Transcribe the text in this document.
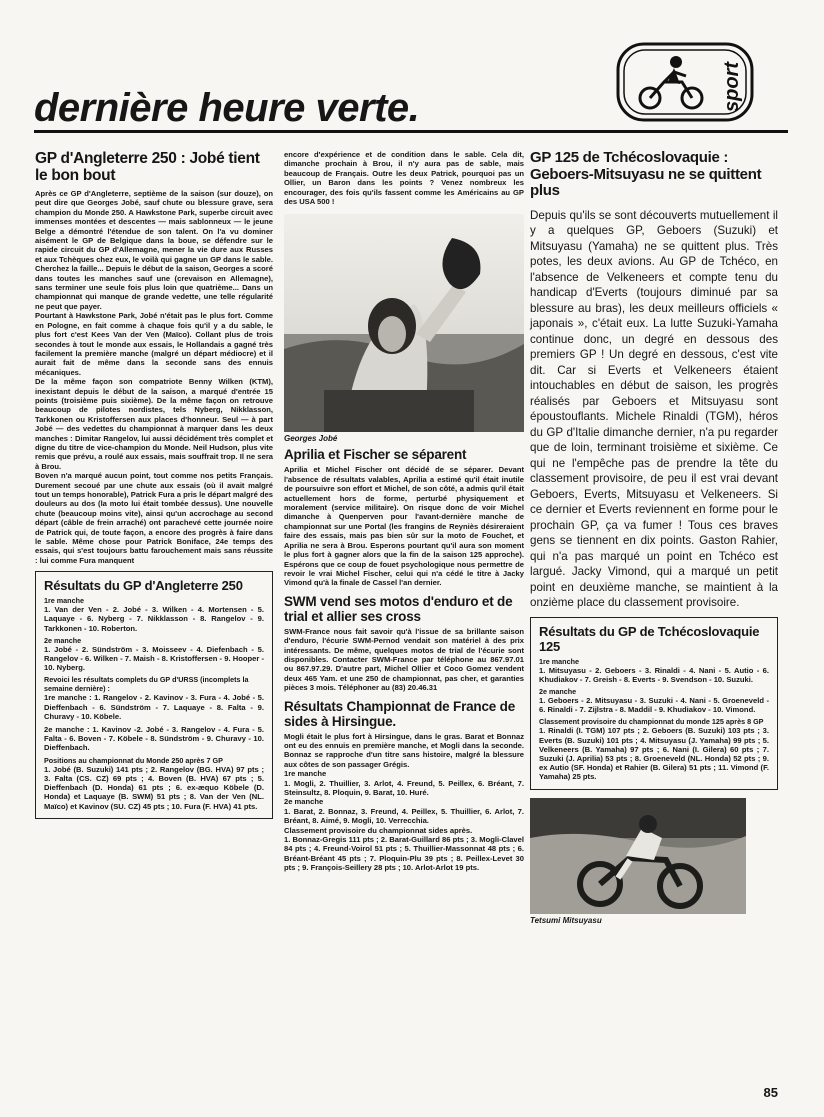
dernière heure verte.	sport
GP d'Angleterre 250 : Jobé tient le bon bout

Après ce GP d'Angleterre, septième de la saison (sur douze), on peut dire que Georges Jobé, sauf chute ou blessure grave, sera champion du Monde 250. A Hawkstone Park, superbe circuit avec immenses montées et descentes — mais sablonneux — le jeune Belge a démontré l'étendue de son talent. On l'a vu dominer aisément le GP de Belgique dans la boue, se défendre sur le rapide circuit du GP d'Allemagne, mener la vie dure aux Russes et aux Tchèques chez eux, le voilà qui gagne un GP dans le sable. Cherchez la faille... Depuis le début de la saison, Georges a scoré dans toutes les manches sauf une (crevaison en Allemagne), sans terminer une seule fois plus loin que quatrième... Dans un championnat qui manque de grande vedette, une telle régularité ne peut que payer.

Pourtant à Hawkstone Park, Jobé n'était pas le plus fort. Comme en Pologne, en fait comme à chaque fois qu'il y a du sable, le plus fort c'est Kees Van der Ven (Maïco). Collant plus de trois secondes à tout le monde aux essais, le Hollandais a gagné très facilement la première manche (malgré un départ médiocre) et il aurait fait de même dans la seconde sans des ennuis mécaniques.

De la même façon son compatriote Benny Wilken (KTM), inexistant depuis le début de la saison, a marqué d'entrée 15 points (troisième puis sixième). De la même façon on retrouve beaucoup de pilotes nordistes, tels Nyberg, Nikklasson, Tarkkonen ou Kristoffersen aux places d'honneur. Seul — à part Jobé — des vedettes du championnat à marquer dans les deux manches : Dimitar Rangelov, lui aussi décidément très complet et digne du titre de vice-champion du Monde. Neil Hudson, plus vite remis que prévu, a roulé aux essais, mais souffrait trop. Il ne sera à Brou.

Boven n'a marqué aucun point, tout comme nos petits Français. Durement secoué par une chute aux essais (où il avait malgré tout un temps honorable), Patrick Fura a pris le départ malgré des douleurs au dos (la moto lui était tombée dessus). Une nouvelle chute (beaucoup moins vite), ainsi qu'un accrochage au second départ (câble de frein arraché) ont parachevé cette journée noire de Patrick qui, de toute façon, a encore des progrès à faire dans le sable. Même chose pour Patrick Boniface, 24e temps des essais, qui s'est toujours battu farouchement mais sans réussite : lui comme Fura manquent

Résultats du GP d'Angleterre 250
1re manche
1. Van der Ven - 2. Jobé - 3. Wilken - 4. Mortensen - 5. Laquaye - 6. Nyberg - 7. Nikklasson - 8. Rangelov - 9. Tarkkonen - 10. Roberton.
2e manche
1. Jobé - 2. Sündström - 3. Moisseev - 4. Diefenbach - 5. Rangelov - 6. Wilken - 7. Maish - 8. Kristoffersen - 9. Hooper - 10. Nyberg.
Revoici les résultats complets du GP d'URSS (incomplets la semaine dernière) :
1re manche : 1. Rangelov - 2. Kavinov - 3. Fura - 4. Jobé - 5. Dieffenbach - 6. Sündström - 7. Laquaye - 8. Falta - 9. Churavy - 10. Köbele.
2e manche : 1. Kavinov -2. Jobé - 3. Rangelov - 4. Fura - 5. Falta - 6. Boven - 7. Köbele - 8. Sündström - 9. Churavy - 10. Dieffenbach.
Positions au championnat du Monde 250 après 7 GP
1. Jobé (B. Suzuki) 141 pts ; 2. Rangelov (BG. HVA) 97 pts ; 3. Falta (CS. CZ) 69 pts ; 4. Boven (B. HVA) 67 pts ; 5. Dieffenbach (D. Honda) 61 pts ; 6. ex-æquo Köbele (D. Honda) et Laquaye (B. SWM) 51 pts ; 8. Van der Ven (NL. Maïco) et Kavinov (SU. CZ) 45 pts ; 10. Fura (F. HVA) 41 pts.

encore d'expérience et de condition dans le sable. Cela dit, dimanche prochain à Brou, il n'y aura pas de sable, mais beaucoup de Français. Outre les deux Patrick, pourquoi pas un Ollier, un Baron dans les points ? Venez nombreux les encourager, des fois qu'ils fassent comme les Américains au GP des USA 500 !

Georges Jobé
Aprilia et Fischer se séparent

Aprilia et Michel Fischer ont décidé de se séparer. Devant l'absence de résultats valables, Aprilia a estimé qu'il était inutile de poursuivre son effort et Michel, de son côté, a admis qu'il était actuellement hors de forme, perturbé physiquement et moralement (service militaire). On risque donc de voir Michel dimanche à Quenperven pour l'avant-dernière manche de championnat sur une Portal (les frangins de Reyniès désireraient faire des essais, mais pas bien sûr sur la moto de Fouchet, et Aprilia ne sera à Brou. Esperons pourtant qu'il aura son moment le plus fort à gagner alors que la fin de la saison 125 approche). Espérons que ce coup de fouet psychologique nous permettre de revoir le vrai Michel Fischer, celui qui n'a cédé le titre à Jacky Vimond qu'à la finale de Cassel l'an dernier.

SWM vend ses motos d'enduro et de trial et allier ses cross

SWM-France nous fait savoir qu'à l'issue de sa brillante saison d'enduro, l'écurie SWM-Pernod vendait son matériel à des prix intéressants. De même, quelques motos de trial de l'écurie sont disponibles. Contacter SWM-France par téléphone au 867.97.01 ou 867.97.29. D'autre part, Michel Ollier et Coco Gomez vendent deux 465 Yam. et une 250 de championnat, pas cher, et garanties pièces 3 mois. Téléphoner au (83) 20.46.31

Résultats Championnat de France de sides à Hirsingue.

Mogli était le plus fort à Hirsingue, dans le gras. Barat et Bonnaz ont eu des ennuis en première manche, et Mogli dans la seconde. Bonnaz se rapproche d'un titre sans histoire, malgré la blessure aux côtes de son passager Grégis.

1re manche

1. Mogli, 2. Thuillier, 3. Arlot, 4. Freund, 5. Peillex, 6. Bréant, 7. Steinsultz, 8. Ploquin, 9. Barat, 10. Huré.

2e manche

1. Barat, 2. Bonnaz, 3. Freund, 4. Peillex, 5. Thuillier, 6. Arlot, 7. Bréant, 8. Aimé, 9. Mogli, 10. Verrecchia.

Classement provisoire du championnat sides après.

1. Bonnaz-Gregis 111 pts ; 2. Barat-Guillard 86 pts ; 3. Mogli-Clavel 84 pts ; 4. Freund-Voirol 51 pts ; 5. Thuillier-Massonnat 48 pts ; 6. Bréant-Bréant 45 pts ; 7. Ploquin-Plu 39 pts ; 8. Peillex-Levet 30 pts ; 9. François-Seillery 28 pts ; 10. Arlot-Arlot 19 pts.

GP 125 de Tchécoslovaquie : Geboers-Mitsuyasu ne se quittent plus

Depuis qu'ils se sont découverts mutuellement il y a quelques GP, Geboers (Suzuki) et Mitsuyasu (Yamaha) ne se quittent plus. Très potes, les deux avions. Au GP de Tchéco, en l'absence de Velkeneers et compte tenu du handicap d'Everts (toujours diminué par sa blessure au bras), les deux meilleurs officiels « japonais », c'était eux. La lutte Suzuki-Yamaha continue donc, un degré en dessous des premiers GP ! Un degré en dessous, c'est vite dit. Car si Everts et Velkeneers étaient intouchables en début de saison, les progrès réalisés par Geboers et Mitsuyasu sont époustouflants. Michele Rinaldi (TGM), héros du GP d'Italie dimanche dernier, n'a pu regarder que de loin, terminant troisième et sixième. Ce qui ne l'empêche pas de prendre la tête du classement provisoire, de peu il est vrai devant Geboers, Everts, Mitsuyasu et Velkeneers. Si ce dernier et Everts reviennent en forme pour le prochain GP, ça va fumer ! Tous ces braves gens se tiennent en dix points. Gaston Rahier, qui n'a pas marqué un point en Tchéco est largué. Jacky Vimond, qui a marqué un petit point en deuxième manche, se maintient à la onzième place du classement provisoire.

Résultats du GP de Tchécoslovaquie 125
1re manche
1. Mitsuyasu - 2. Geboers - 3. Rinaldi - 4. Nani - 5. Autio - 6. Khudiakov - 7. Greish - 8. Everts - 9. Svendson - 10. Suzuki.
2e manche
1. Geboers - 2. Mitsuyasu - 3. Suzuki - 4. Nani - 5. Groeneveld - 6. Rinaldi - 7. Zijlstra - 8. Maddil - 9. Khudiakov - 10. Vimond.
Classement provisoire du championnat du monde 125 après 8 GP
1. Rinaldi (I. TGM) 107 pts ; 2. Geboers (B. Suzuki) 103 pts ; 3. Everts (B. Suzuki) 101 pts ; 4. Mitsuyasu (J. Yamaha) 99 pts ; 5. Velkeneers (B. Yamaha) 97 pts ; 6. Nani (I. Gilera) 60 pts ; 7. Suzuki (J. Aprilia) 53 pts ; 8. Groeneveld (NL. Honda) 52 pts ; 9. ex Autio (SF. Honda) et Rahier (B. Gilera) 51 pts ; 11. Vimond (F. Yamaha) 25 pts.
Tetsumi Mitsuyasu
85
